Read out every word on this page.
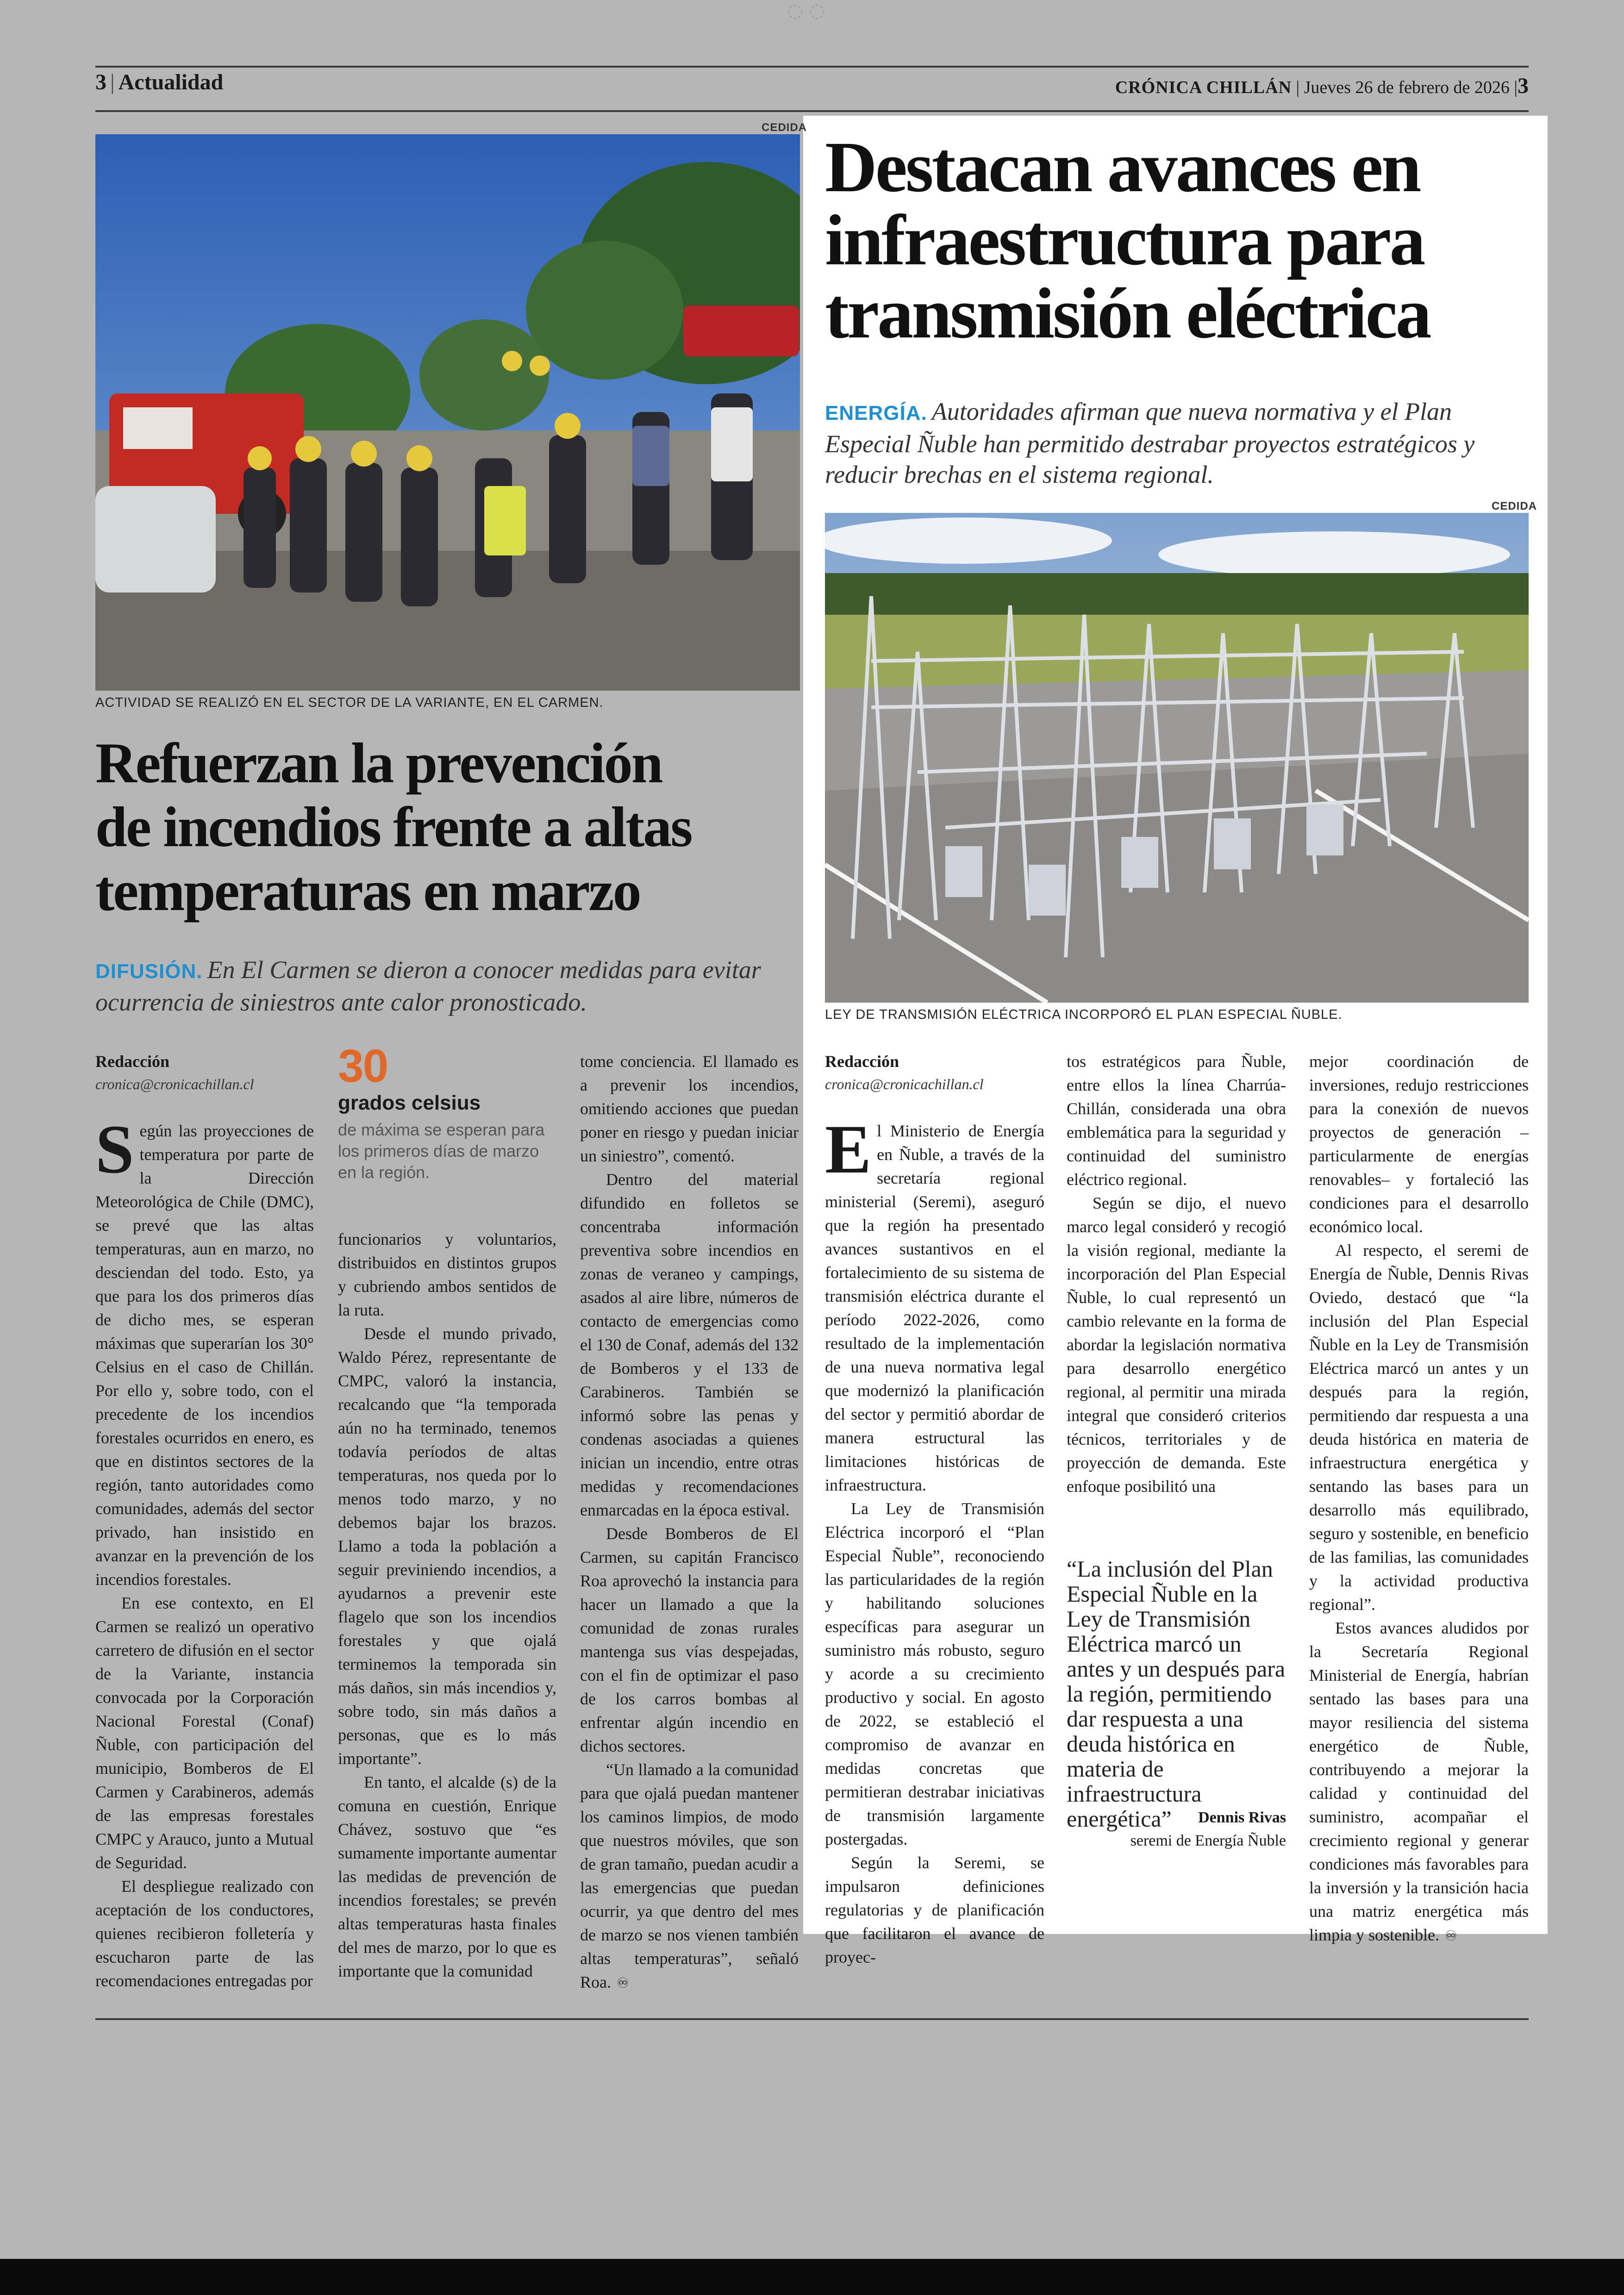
◌ ◌
3 | Actualidad	CRÓNICA CHILLÁN | Jueves 26 de febrero de 2026 |3
CEDIDA
ACTIVIDAD SE REALIZÓ EN EL SECTOR DE LA VARIANTE, EN EL CARMEN.
Refuerzan la prevención
de incendios frente a altas
temperaturas en marzo
DIFUSIÓN. En El Carmen se dieron a conocer medidas para evitar ocurrencia de siniestros ante calor pronosticado.
Redacción
cronica@cronicachillan.cl 30
grados celsius
de máxima se esperan para los primeros días de marzo en la región.

Según las proyecciones de temperatura por parte de la Dirección Meteorológica de Chile (DMC), se prevé que las altas temperaturas, aun en marzo, no desciendan del todo. Esto, ya que para los dos primeros días de dicho mes, se esperan máximas que superarían los 30° Celsius en el caso de Chillán. Por ello y, sobre todo, con el precedente de los incendios forestales ocurridos en enero, es que en distintos sectores de la región, tanto autoridades como comunidades, además del sector privado, han insistido en avanzar en la prevención de los incendios forestales.

En ese contexto, en El Carmen se realizó un operativo carretero de difusión en el sector de la Variante, instancia convocada por la Corporación Nacional Forestal (Conaf) Ñuble, con participación del municipio, Bomberos de El Carmen y Carabineros, además de las empresas forestales CMPC y Arauco, junto a Mutual de Seguridad.

El despliegue realizado con aceptación de los conductores, quienes recibieron folletería y escucharon parte de las recomendaciones entregadas por

funcionarios y voluntarios, distribuidos en distintos grupos y cubriendo ambos sentidos de la ruta.

Desde el mundo privado, Waldo Pérez, representante de CMPC, valoró la instancia, recalcando que “la temporada aún no ha terminado, tenemos todavía períodos de altas temperaturas, nos queda por lo menos todo marzo, y no debemos bajar los brazos. Llamo a toda la población a seguir previniendo incendios, a ayudarnos a prevenir este flagelo que son los incendios forestales y que ojalá terminemos la temporada sin más daños, sin más incendios y, sobre todo, sin más daños a personas, que es lo más importante”.

En tanto, el alcalde (s) de la comuna en cuestión, Enrique Chávez, sostuvo que “es sumamente importante aumentar las medidas de prevención de incendios forestales; se prevén altas temperaturas hasta finales del mes de marzo, por lo que es importante que la comunidad

tome conciencia. El llamado es a prevenir los incendios, omitiendo acciones que puedan poner en riesgo y puedan iniciar un siniestro”, comentó.

Dentro del material difundido en folletos se concentraba información preventiva sobre incendios en zonas de veraneo y campings, asados al aire libre, números de contacto de emergencias como el 130 de Conaf, además del 132 de Bomberos y el 133 de Carabineros. También se informó sobre las penas y condenas asociadas a quienes inician un incendio, entre otras medidas y recomendaciones enmarcadas en la época estival.

Desde Bomberos de El Carmen, su capitán Francisco Roa aprovechó la instancia para hacer un llamado a que la comunidad de zonas rurales mantenga sus vías despejadas, con el fin de optimizar el paso de los carros bombas al enfrentar algún incendio en dichos sectores.

“Un llamado a la comunidad para que ojalá puedan mantener los caminos limpios, de modo que nuestros móviles, que son de gran tamaño, puedan acudir a las emergencias que puedan ocurrir, ya que dentro del mes de marzo se nos vienen también altas temperaturas”, señaló Roa. ♾

Destacan avances en
infraestructura para
transmisión eléctrica
ENERGÍA. Autoridades afirman que nueva normativa y el Plan Especial Ñuble han permitido destrabar proyectos estratégicos y reducir brechas en el sistema regional.
CEDIDA
LEY DE TRANSMISIÓN ELÉCTRICA INCORPORÓ EL PLAN ESPECIAL ÑUBLE.
Redacción
cronica@cronicachillan.cl

El Ministerio de Energía en Ñuble, a través de la secretaría regional ministerial (Seremi), aseguró que la región ha presentado avances sustantivos en el fortalecimiento de su sistema de transmisión eléctrica durante el período 2022-2026, como resultado de la implementación de una nueva normativa legal que modernizó la planificación del sector y permitió abordar de manera estructural las limitaciones históricas de infraestructura.

La Ley de Transmisión Eléctrica incorporó el “Plan Especial Ñuble”, reconociendo las particularidades de la región y habilitando soluciones específicas para asegurar un suministro más robusto, seguro y acorde a su crecimiento productivo y social. En agosto de 2022, se estableció el compromiso de avanzar en medidas concretas que permitieran destrabar iniciativas de transmisión largamente postergadas.

Según la Seremi, se impulsaron definiciones regulatorias y de planificación que facilitaron el avance de proyec-

tos estratégicos para Ñuble, entre ellos la línea Charrúa-Chillán, considerada una obra emblemática para la seguridad y continuidad del suministro eléctrico regional.

Según se dijo, el nuevo marco legal consideró y recogió la visión regional, mediante la incorporación del Plan Especial Ñuble, lo cual representó un cambio relevante en la forma de abordar la legislación normativa para desarrollo energético regional, al permitir una mirada integral que consideró criterios técnicos, territoriales y de proyección de demanda. Este enfoque posibilitó una

“La inclusión del Plan Especial Ñuble en la Ley de Transmisión Eléctrica marcó un antes y un después para la región, permitiendo dar respuesta a una deuda histórica en materia de infraestructura energética”	Dennis Rivas
seremi de Energía Ñuble

mejor coordinación de inversiones, redujo restricciones para la conexión de nuevos proyectos de generación –particularmente de energías renovables– y fortaleció las condiciones para el desarrollo económico local.

Al respecto, el seremi de Energía de Ñuble, Dennis Rivas Oviedo, destacó que “la inclusión del Plan Especial Ñuble en la Ley de Transmisión Eléctrica marcó un antes y un después para la región, permitiendo dar respuesta a una deuda histórica en materia de infraestructura energética y sentando las bases para un desarrollo más equilibrado, seguro y sostenible, en beneficio de las familias, las comunidades y la actividad productiva regional”.

Estos avances aludidos por la Secretaría Regional Ministerial de Energía, habrían sentado las bases para una mayor resiliencia del sistema energético de Ñuble, contribuyendo a mejorar la calidad y continuidad del suministro, acompañar el crecimiento regional y generar condiciones más favorables para la inversión y la transición hacia una matriz energética más limpia y sostenible. ♾
